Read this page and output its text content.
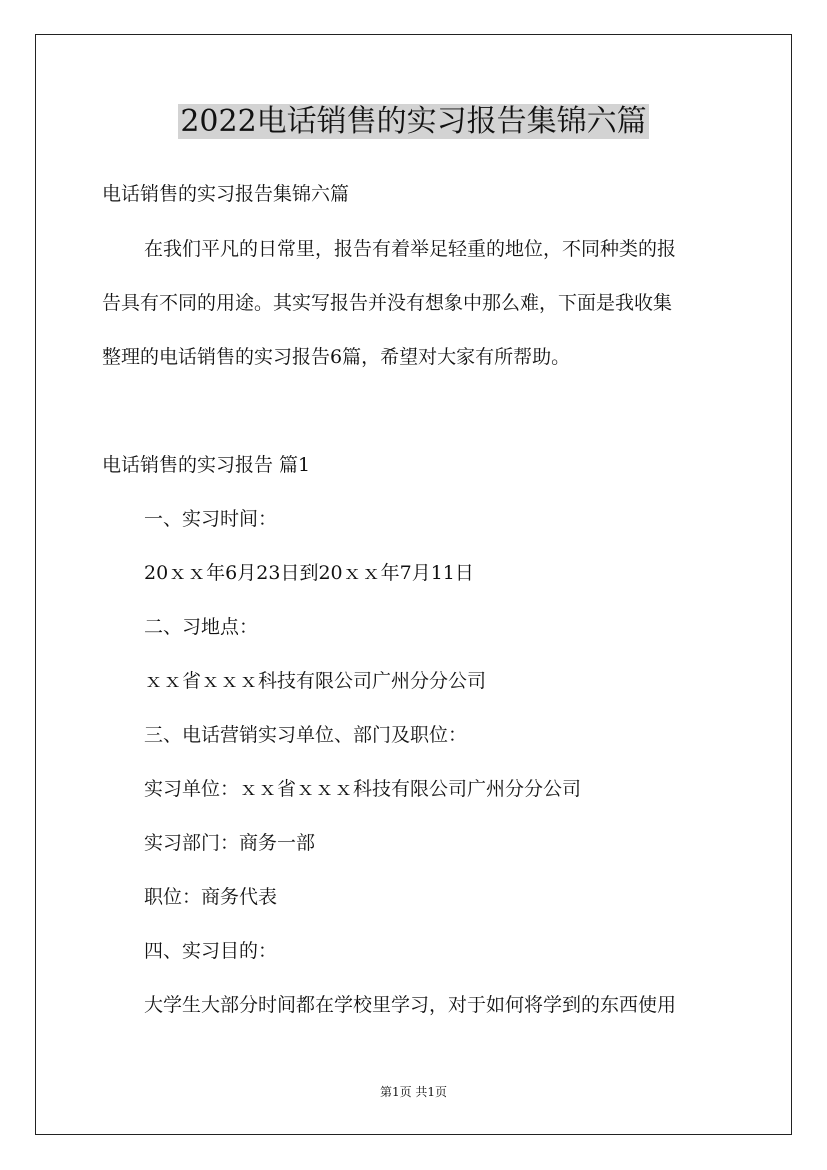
2022电话销售的实习报告集锦六篇
电话销售的实习报告集锦六篇
在我们平凡的日常里，报告有着举足轻重的地位，不同种类的报
告具有不同的用途。其实写报告并没有想象中那么难，下面是我收集
整理的电话销售的实习报告6篇，希望对大家有所帮助。
电话销售的实习报告 篇1
一、实习时间：
20ｘｘ年6月23日到20ｘｘ年7月11日
二、习地点：
ｘｘ省ｘｘｘ科技有限公司广州分分公司
三、电话营销实习单位、部门及职位：
实习单位：ｘｘ省ｘｘｘ科技有限公司广州分分公司
实习部门：商务一部
职位：商务代表
四、实习目的：
大学生大部分时间都在学校里学习，对于如何将学到的东西使用
第1页 共1页
